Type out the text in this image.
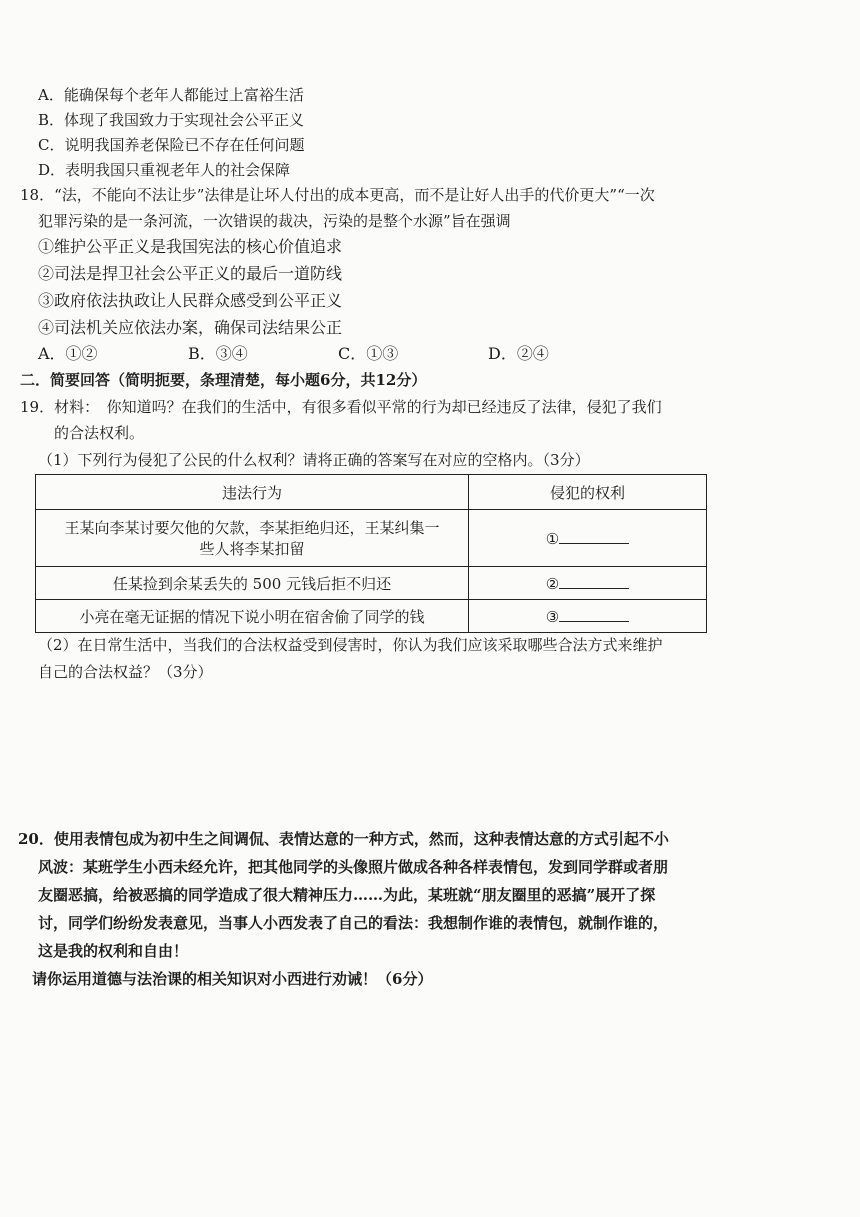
A．能确保每个老年人都能过上富裕生活
B．体现了我国致力于实现社会公平正义
C．说明我国养老保险已不存在任何问题
D．表明我国只重视老年人的社会保障
18．“法，不能向不法让步”法律是让坏人付出的成本更高，而不是让好人出手的代价更大”“一次
犯罪污染的是一条河流，一次错误的裁决，污染的是整个水源”旨在强调
①维护公平正义是我国宪法的核心价值追求
②司法是捍卫社会公平正义的最后一道防线
③政府依法执政让人民群众感受到公平正义
④司法机关应依法办案，确保司法结果公正
A．①②	B．③④	C．①③	D．②④
二．简要回答（简明扼要，条理清楚，每小题6分，共12分）
19．材料：　你知道吗？在我们的生活中，有很多看似平常的行为却已经违反了法律，侵犯了我们
的合法权利。
（1）下列行为侵犯了公民的什么权利？请将正确的答案写在对应的空格内。（3分）
违法行为	侵犯的权利

王某向李某讨要欠他的欠款，李某拒绝归还，王某纠集一
些人将李某扣留	①
任某捡到余某丢失的 500 元钱后拒不归还	②
小亮在毫无证据的情况下说小明在宿舍偷了同学的钱	③
（2）在日常生活中，当我们的合法权益受到侵害时，你认为我们应该采取哪些合法方式来维护
自己的合法权益？（3分）
20．使用表情包成为初中生之间调侃、表情达意的一种方式，然而，这种表情达意的方式引起不小
风波：某班学生小西未经允许，把其他同学的头像照片做成各种各样表情包，发到同学群或者朋
友圈恶搞，给被恶搞的同学造成了很大精神压力……为此，某班就“朋友圈里的恶搞”展开了探
讨，同学们纷纷发表意见，当事人小西发表了自己的看法：我想制作谁的表情包，就制作谁的，
这是我的权利和自由！
请你运用道德与法治课的相关知识对小西进行劝诫！（6分）
